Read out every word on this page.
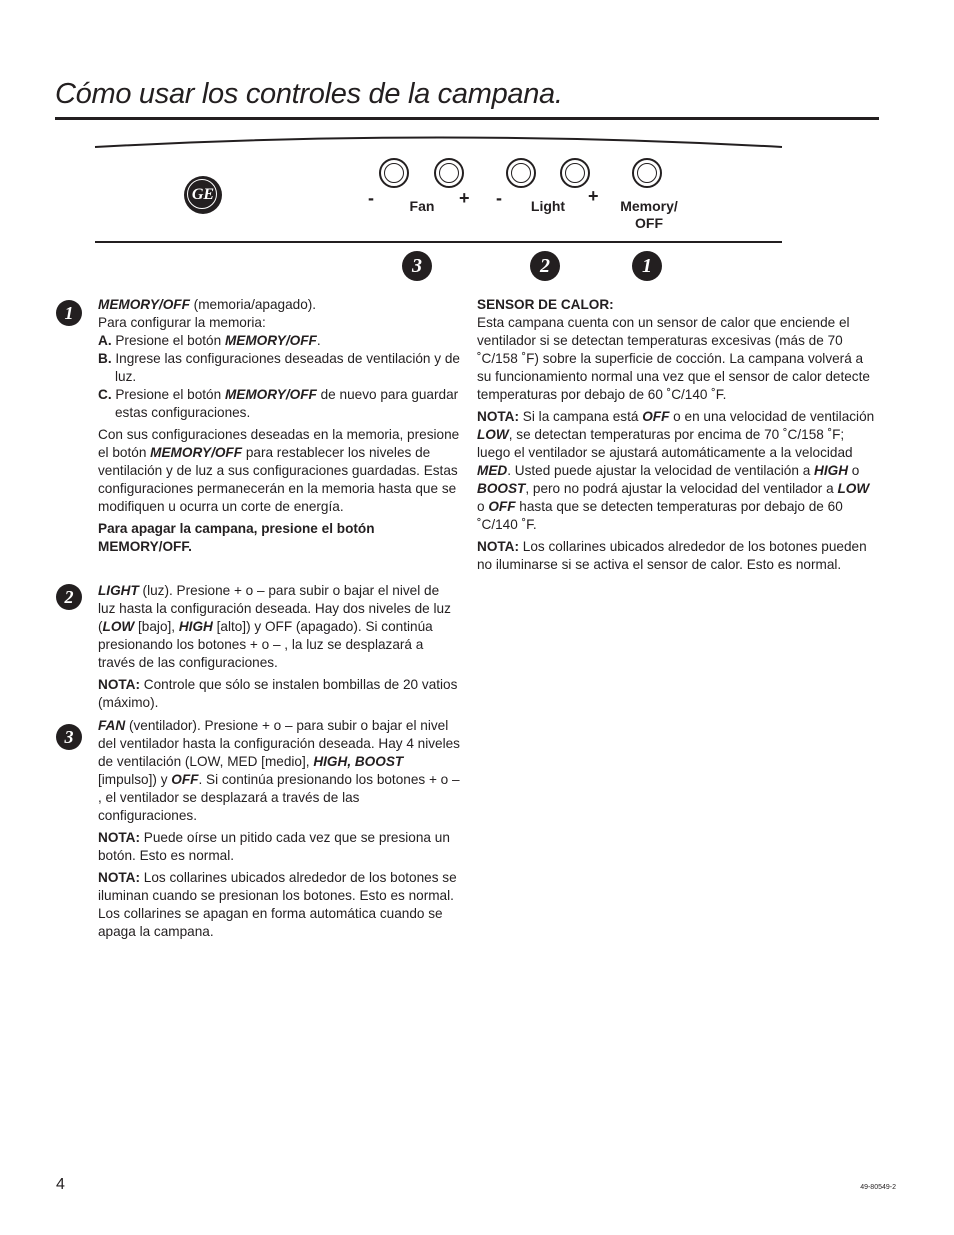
Cómo usar los controles de la campana.
GE	-	+ -	+
Fan	Light	Memory/
OFF
3	2	1
1
2
3

MEMORY/OFF (memoria/apagado).

Para configurar la memoria:

A. Presione el botón MEMORY/OFF.

B. Ingrese las configuraciones deseadas de ventilación y de luz.

C. Presione el botón MEMORY/OFF de nuevo para guardar estas configuraciones.

Con sus configuraciones deseadas en la memoria, presione el botón MEMORY/OFF para restablecer los niveles de ventilación y de luz a sus configuraciones guardadas. Estas configuraciones permanecerán en la memoria hasta que se modifiquen u ocurra un corte de energía.

Para apagar la campana, presione el botón MEMORY/OFF.

LIGHT (luz). Presione + o – para subir o bajar el nivel de luz hasta la configuración deseada. Hay dos niveles de luz (LOW [bajo], HIGH [alto]) y OFF (apagado). Si continúa presionando los botones + o – , la luz se desplazará a través de las configuraciones.

NOTA: Controle que sólo se instalen bombillas de 20 vatios (máximo).

FAN (ventilador). Presione + o – para subir o bajar el nivel del ventilador hasta la configuración deseada. Hay 4 niveles de ventilación (LOW, MED [medio], HIGH, BOOST [impulso]) y OFF. Si continúa presionando los botones + o – , el ventilador se desplazará a través de las configuraciones.

NOTA: Puede oírse un pitido cada vez que se presiona un botón. Esto es normal.

NOTA: Los collarines ubicados alrededor de los botones se iluminan cuando se presionan los botones. Esto es normal. Los collarines se apagan en forma automática cuando se apaga la campana.

SENSOR DE CALOR:

Esta campana cuenta con un sensor de calor que enciende el ventilador si se detectan temperaturas excesivas (más de 70 ˚C/158 ˚F) sobre la superficie de cocción. La campana volverá a su funcionamiento normal una vez que el sensor de calor detecte temperaturas por debajo de 60 ˚C/140 ˚F.

NOTA: Si la campana está OFF o en una velocidad de ventilación LOW, se detectan temperaturas por encima de 70 ˚C/158 ˚F; luego el ventilador se ajustará automáticamente a la velocidad MED. Usted puede ajustar la velocidad de ventilación a HIGH o BOOST, pero no podrá ajustar la velocidad del ventilador a LOW o OFF hasta que se detecten temperaturas por debajo de 60 ˚C/140 ˚F.

NOTA: Los collarines ubicados alrededor de los botones pueden no iluminarse si se activa el sensor de calor. Esto es normal.

4	49-80549-2
